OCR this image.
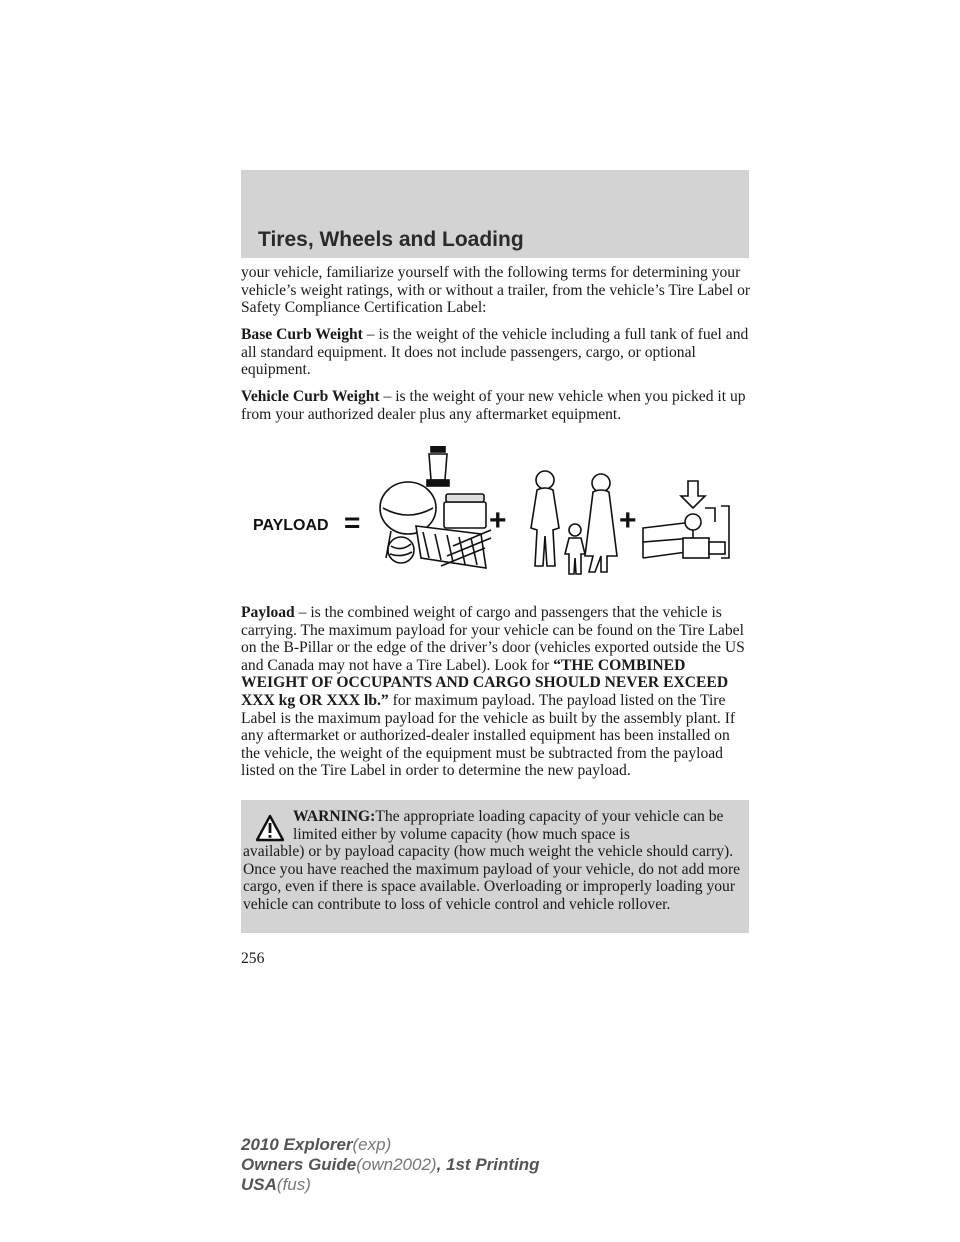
Tires, Wheels and Loading

your vehicle, familiarize yourself with the following terms for determining your vehicle’s weight ratings, with or without a trailer, from the vehicle’s Tire Label or Safety Compliance Certification Label:

Base Curb Weight – is the weight of the vehicle including a full tank of fuel and all standard equipment. It does not include passengers, cargo, or optional equipment.

Vehicle Curb Weight – is the weight of your new vehicle when you picked it up from your authorized dealer plus any aftermarket equipment.

PAYLOAD =	+	+

Payload – is the combined weight of cargo and passengers that the vehicle is carrying. The maximum payload for your vehicle can be found on the Tire Label on the B-Pillar or the edge of the driver’s door (vehicles exported outside the US and Canada may not have a Tire Label). Look for “THE COMBINED WEIGHT OF OCCUPANTS AND CARGO SHOULD NEVER EXCEED XXX kg OR XXX lb.” for maximum payload. The payload listed on the Tire Label is the maximum payload for the vehicle as built by the assembly plant. If any aftermarket or authorized-dealer installed equipment has been installed on the vehicle, the weight of the equipment must be subtracted from the payload listed on the Tire Label in order to determine the new payload.

WARNING:The appropriate loading capacity of your vehicle can be limited either by volume capacity (how much space is
available) or by payload capacity (how much weight the vehicle should carry). Once you have reached the maximum payload of your vehicle, do not add more cargo, even if there is space available. Overloading or improperly loading your vehicle can contribute to loss of vehicle control and vehicle rollover.

256
2010 Explorer(exp)
Owners Guide(own2002), 1st Printing
USA(fus)
